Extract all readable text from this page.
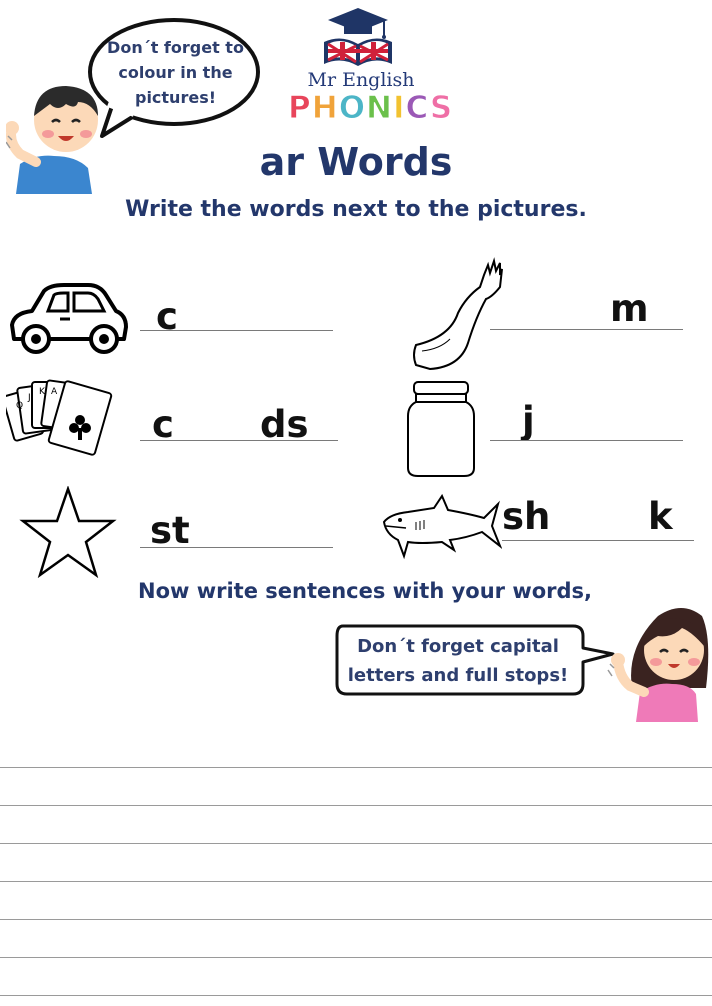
Mr English
PHONICS
Don´t forget to
colour in the
pictures!
ar Words
Write the words next to the pictures.
c	m
Q
J
K A
c ds	j
st	sh	k
Now write sentences with your words,
Don´t forget capital
letters and full stops!
